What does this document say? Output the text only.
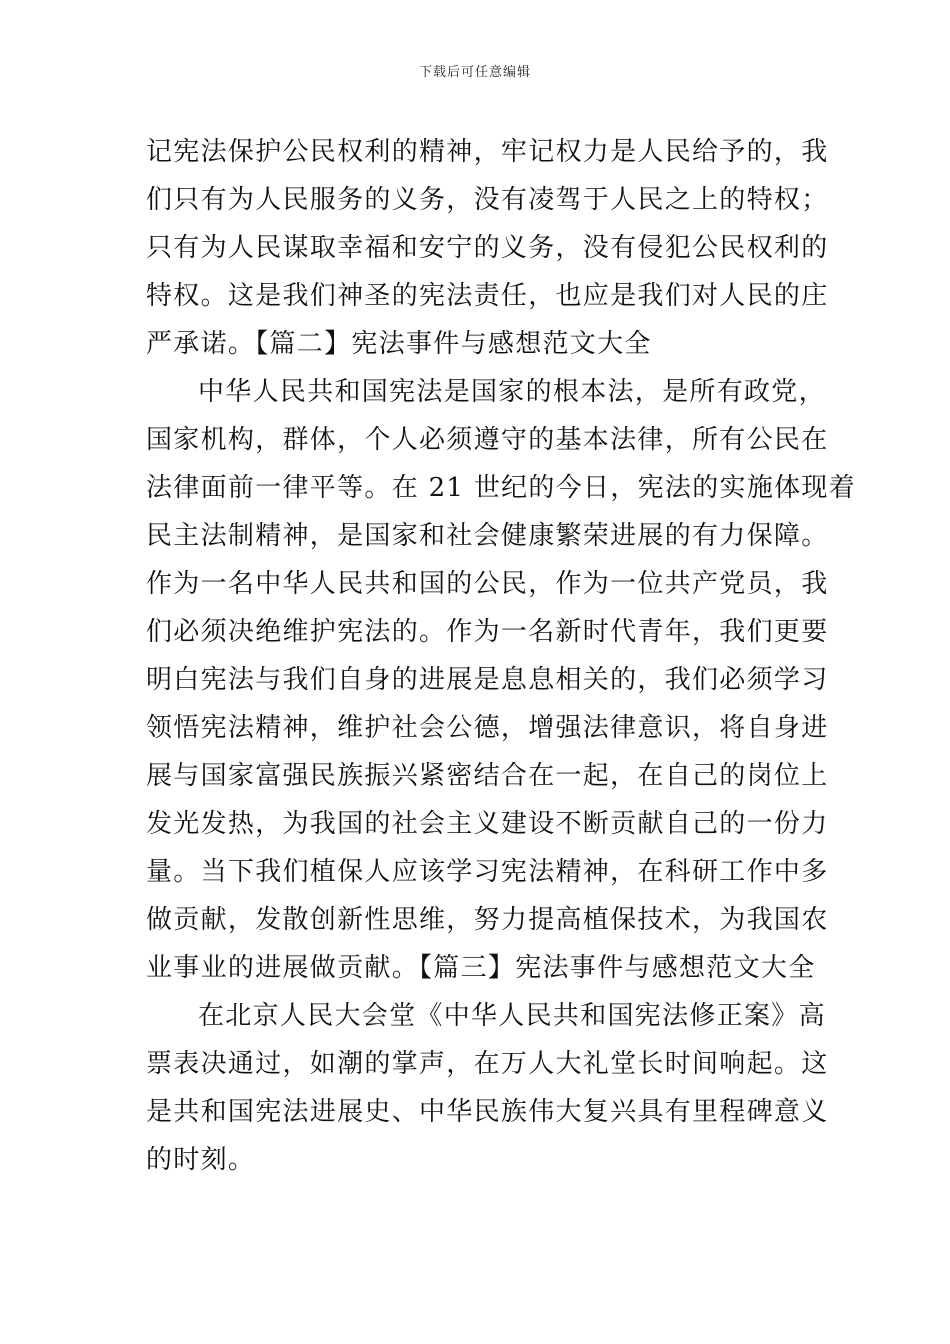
下载后可任意编辑
记宪法保护公民权利的精神，牢记权力是人民给予的，我
们只有为人民服务的义务，没有凌驾于人民之上的特权；
只有为人民谋取幸福和安宁的义务，没有侵犯公民权利的
特权。这是我们神圣的宪法责任，也应是我们对人民的庄
严承诺。【篇二】宪法事件与感想范文大全
中华人民共和国宪法是国家的根本法，是所有政党，
国家机构，群体，个人必须遵守的基本法律，所有公民在
法律面前一律平等。在 21 世纪的今日，宪法的实施体现着
民主法制精神，是国家和社会健康繁荣进展的有力保障。
作为一名中华人民共和国的公民，作为一位共产党员，我
们必须决绝维护宪法的。作为一名新时代青年，我们更要
明白宪法与我们自身的进展是息息相关的，我们必须学习
领悟宪法精神，维护社会公德，增强法律意识，将自身进
展与国家富强民族振兴紧密结合在一起，在自己的岗位上
发光发热，为我国的社会主义建设不断贡献自己的一份力
量。当下我们植保人应该学习宪法精神，在科研工作中多
做贡献，发散创新性思维，努力提高植保技术，为我国农
业事业的进展做贡献。【篇三】宪法事件与感想范文大全
在北京人民大会堂《中华人民共和国宪法修正案》高
票表决通过，如潮的掌声，在万人大礼堂长时间响起。这
是共和国宪法进展史、中华民族伟大复兴具有里程碑意义
的时刻。
